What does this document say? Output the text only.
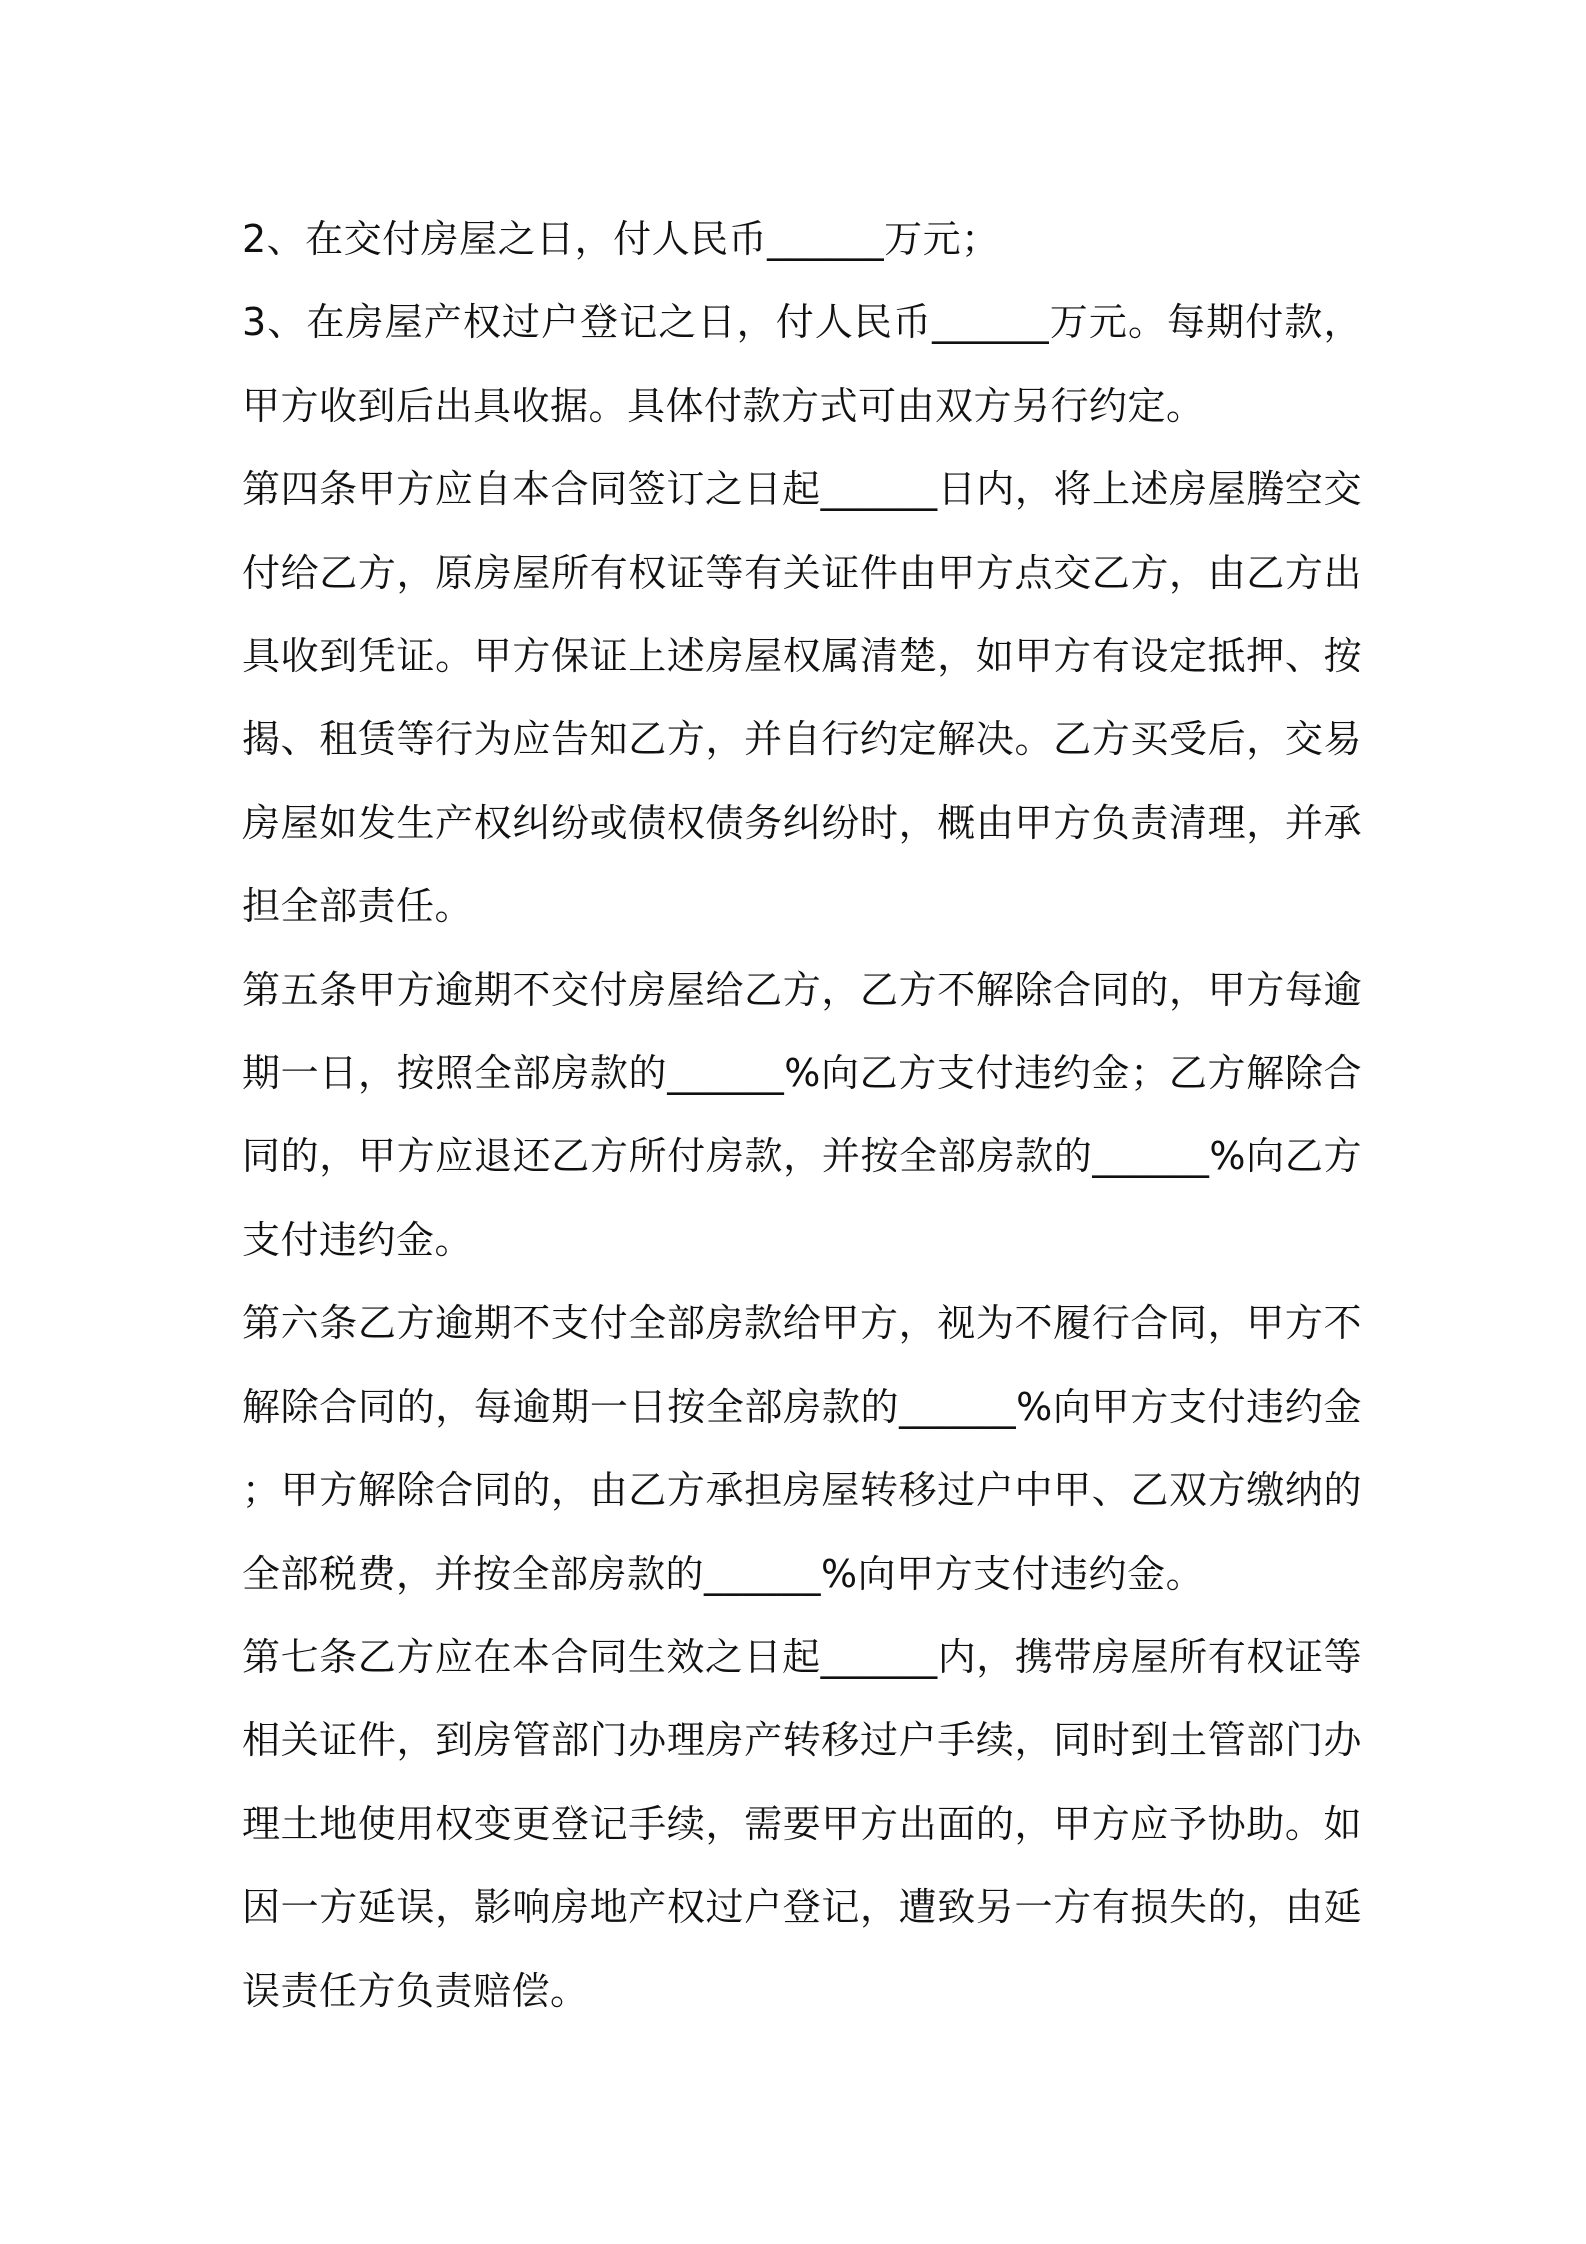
2、在交付房屋之日，付人民币______万元；

3、在房屋产权过户登记之日，付人民币______万元。每期付款，甲方收到后出具收据。具体付款方式可由双方另行约定。

第四条甲方应自本合同签订之日起______日内，将上述房屋腾空交付给乙方，原房屋所有权证等有关证件由甲方点交乙方，由乙方出具收到凭证。甲方保证上述房屋权属清楚，如甲方有设定抵押、按揭、租赁等行为应告知乙方，并自行约定解决。乙方买受后，交易房屋如发生产权纠纷或债权债务纠纷时，概由甲方负责清理，并承担全部责任。

第五条甲方逾期不交付房屋给乙方，乙方不解除合同的，甲方每逾期一日，按照全部房款的______%向乙方支付违约金；乙方解除合同的，甲方应退还乙方所付房款，并按全部房款的______%向乙方支付违约金。

第六条乙方逾期不支付全部房款给甲方，视为不履行合同，甲方不解除合同的，每逾期一日按全部房款的______%向甲方支付违约金；甲方解除合同的，由乙方承担房屋转移过户中甲、乙双方缴纳的全部税费，并按全部房款的______%向甲方支付违约金。

第七条乙方应在本合同生效之日起______内，携带房屋所有权证等相关证件，到房管部门办理房产转移过户手续，同时到土管部门办理土地使用权变更登记手续，需要甲方出面的，甲方应予协助。如因一方延误，影响房地产权过户登记，遭致另一方有损失的，由延误责任方负责赔偿。
